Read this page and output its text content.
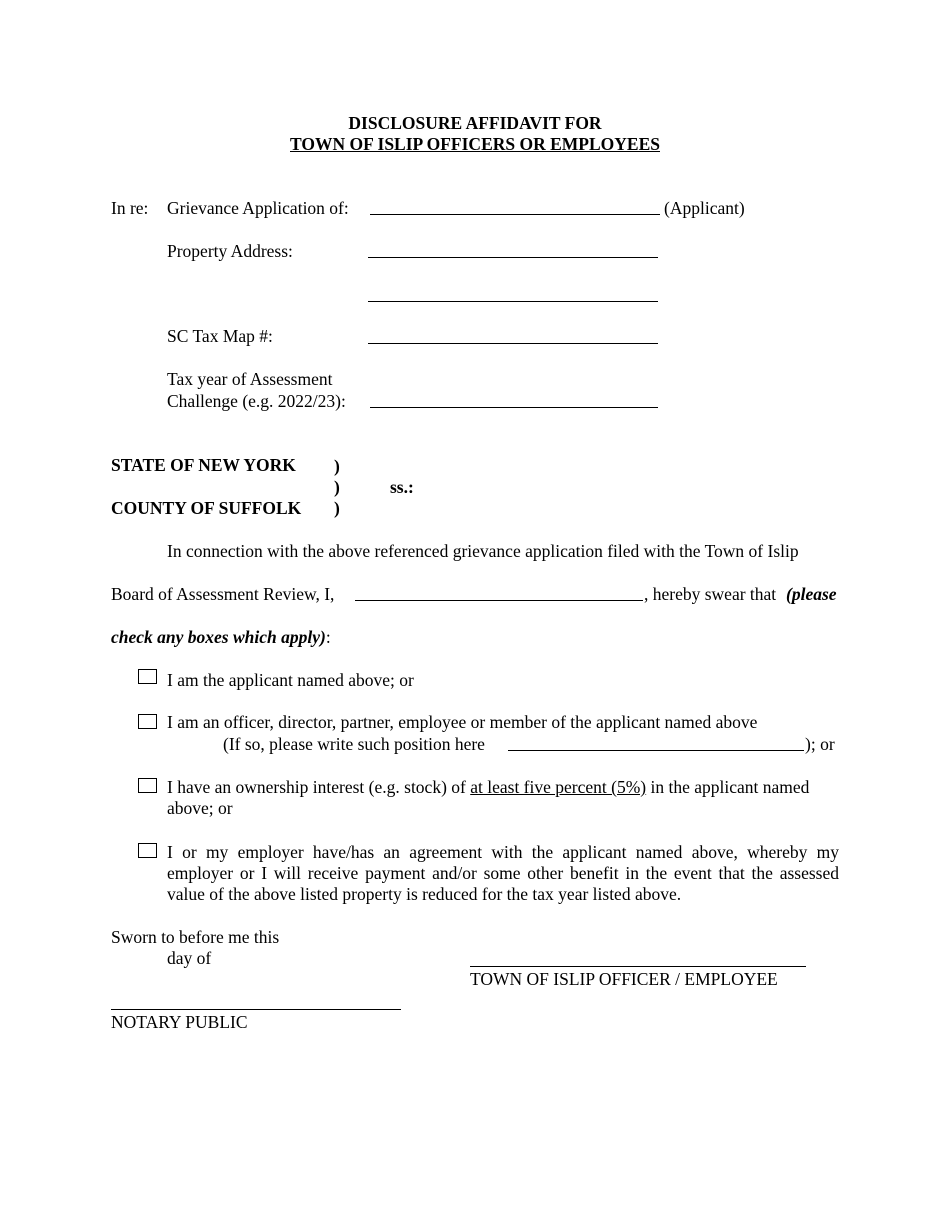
DISCLOSURE AFFIDAVIT FOR
TOWN OF ISLIP OFFICERS OR EMPLOYEES
In re: Grievance Application of:	(Applicant)
Property Address:
SC Tax Map #:
Tax year of Assessment
Challenge (e.g. 2022/23):
STATE OF NEW YORK )
)	ss.:
COUNTY OF SUFFOLK )
In connection with the above referenced grievance application filed with the Town of Islip
Board of Assessment Review, I,	, hereby swear that (please
check any boxes which apply):
I am the applicant named above; or
I am an officer, director, partner, employee or member of the applicant named above
(If so, please write such position here	); or
I have an ownership interest (e.g. stock) of at least five percent (5%) in the applicant named
above; or
I or my employer have/has an agreement with the applicant named above, whereby my employer or I will receive payment and/or some other benefit in the event that the assessed value of the above listed property is reduced for the tax year listed above.
Sworn to before me this
day of
TOWN OF ISLIP OFFICER / EMPLOYEE
NOTARY PUBLIC
